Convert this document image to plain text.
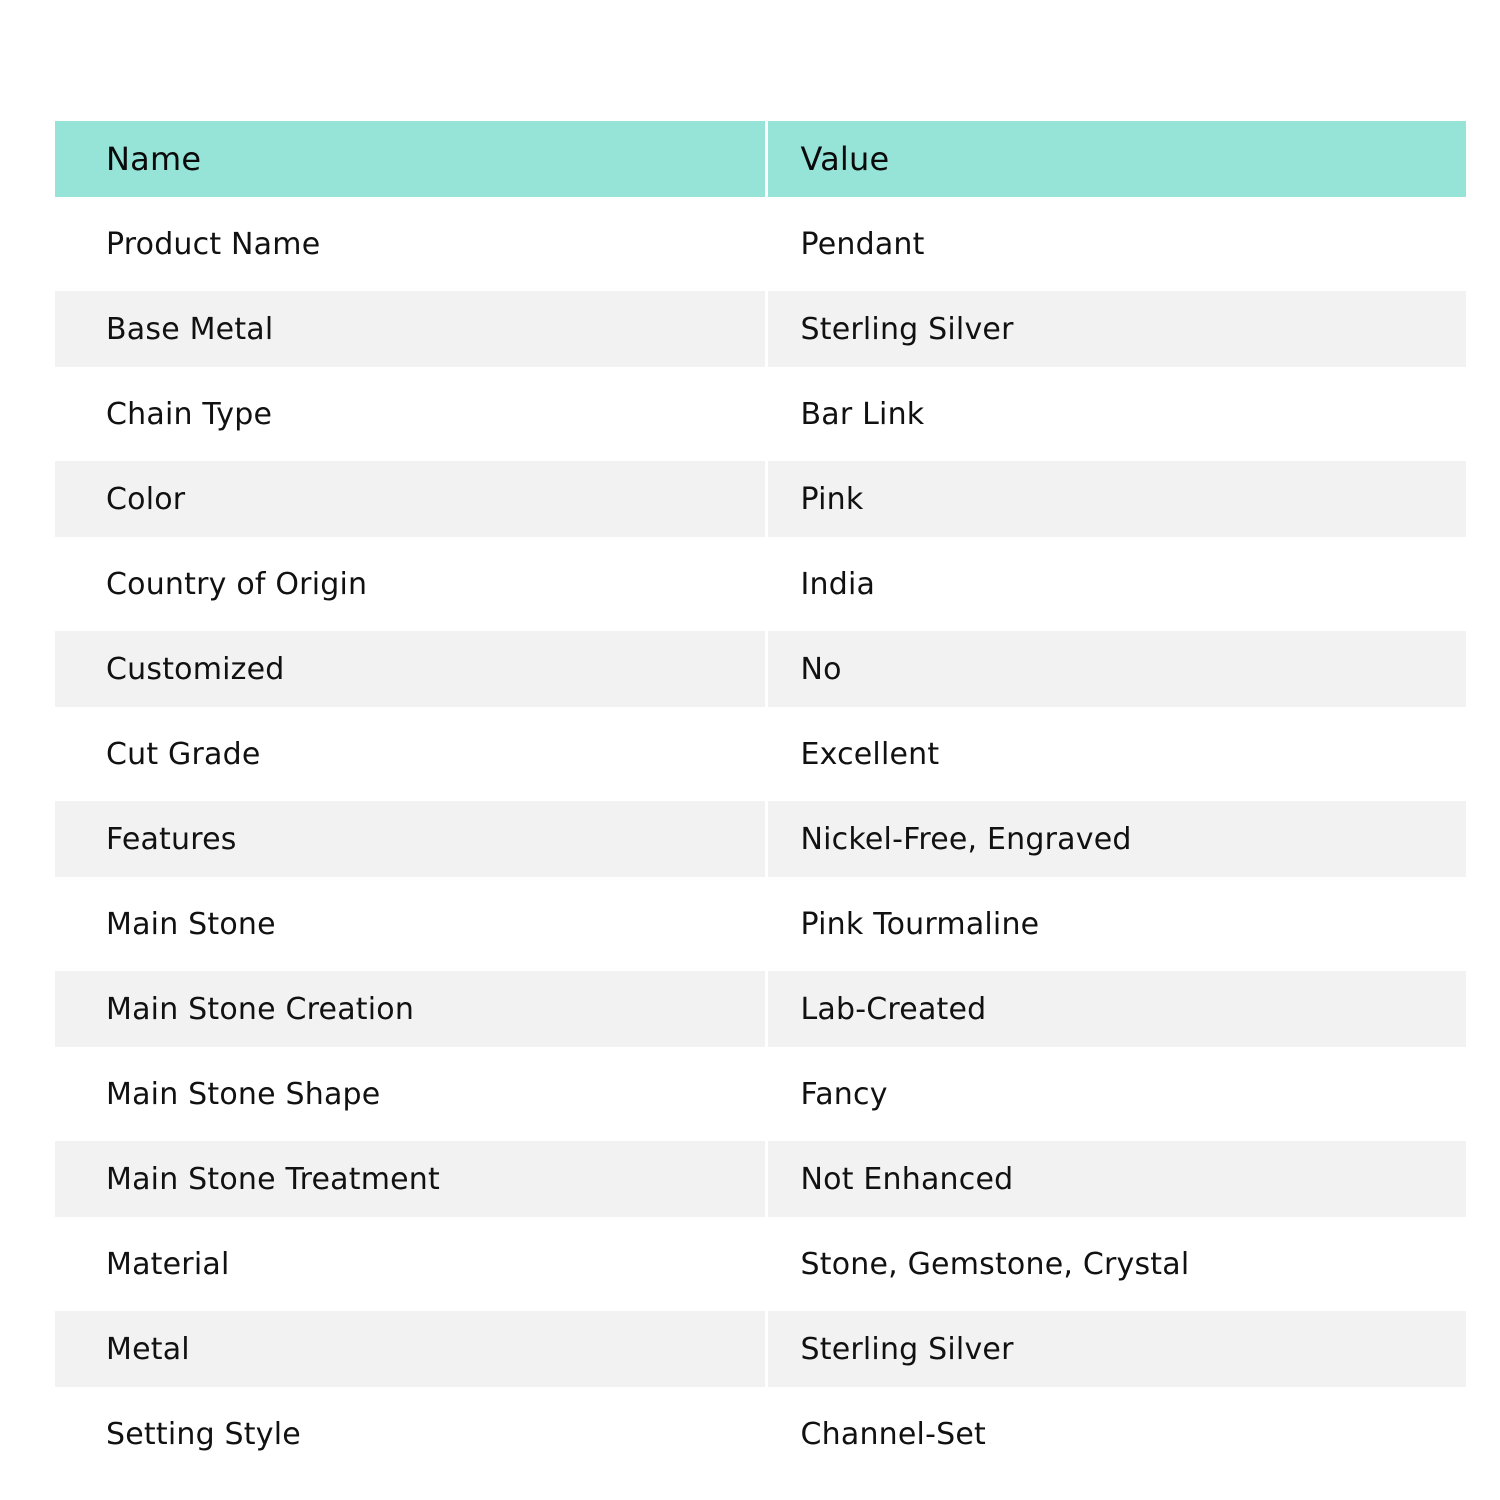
Name	Value
Product Name	Pendant
Base Metal	Sterling Silver
Chain Type	Bar Link
Color	Pink
Country of Origin	India
Customized	No
Cut Grade	Excellent
Features	Nickel-Free, Engraved
Main Stone	Pink Tourmaline
Main Stone Creation	Lab-Created
Main Stone Shape	Fancy
Main Stone Treatment	Not Enhanced
Material	Stone, Gemstone, Crystal
Metal	Sterling Silver
Setting Style	Channel-Set
